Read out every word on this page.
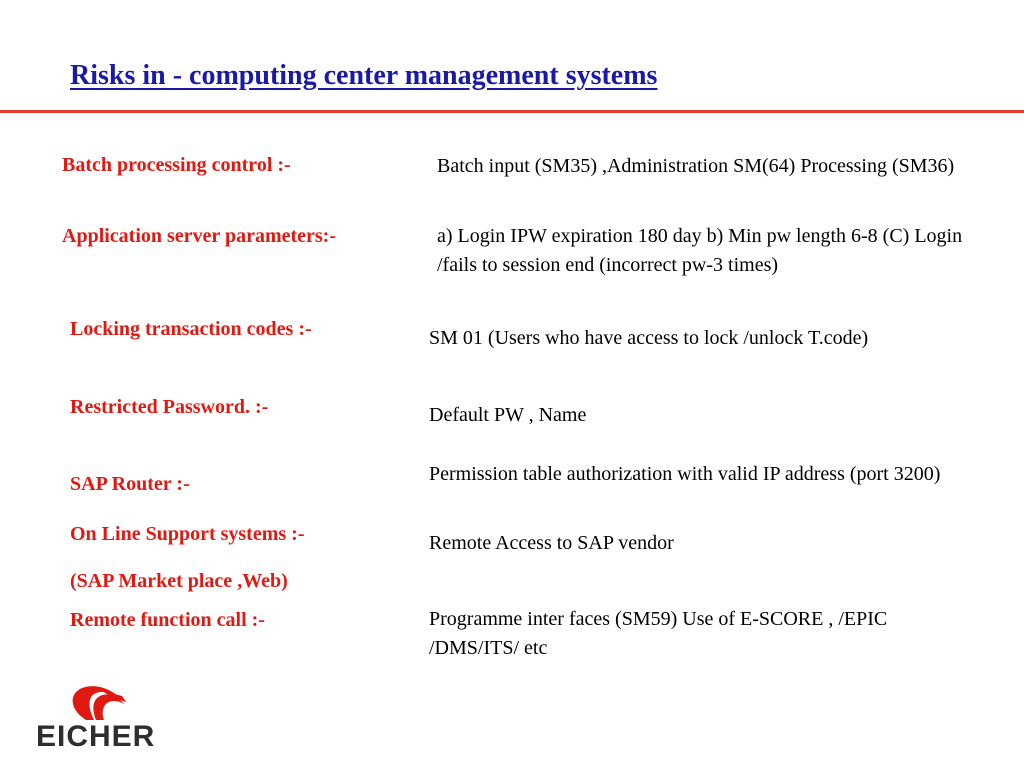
Risks in - computing center management systems
Batch processing control :-	Batch input (SM35) ,Administration SM(64) Processing (SM36)
Application server parameters:-	a) Login IPW expiration 180 day b) Min pw length 6-8 (C) Login /fails to session end (incorrect pw-3 times)
Locking transaction codes :-	SM 01 (Users who have access to lock /unlock T.code)
Restricted Password. :-	Default PW , Name
SAP Router :-	Permission table authorization with valid IP address (port 3200)
On Line Support systems :-	Remote Access to SAP vendor
(SAP Market place ,Web)
Remote function call :-	Programme inter faces (SM59) Use of E-SCORE , /EPIC /DMS/ITS/ etc
EICHER
